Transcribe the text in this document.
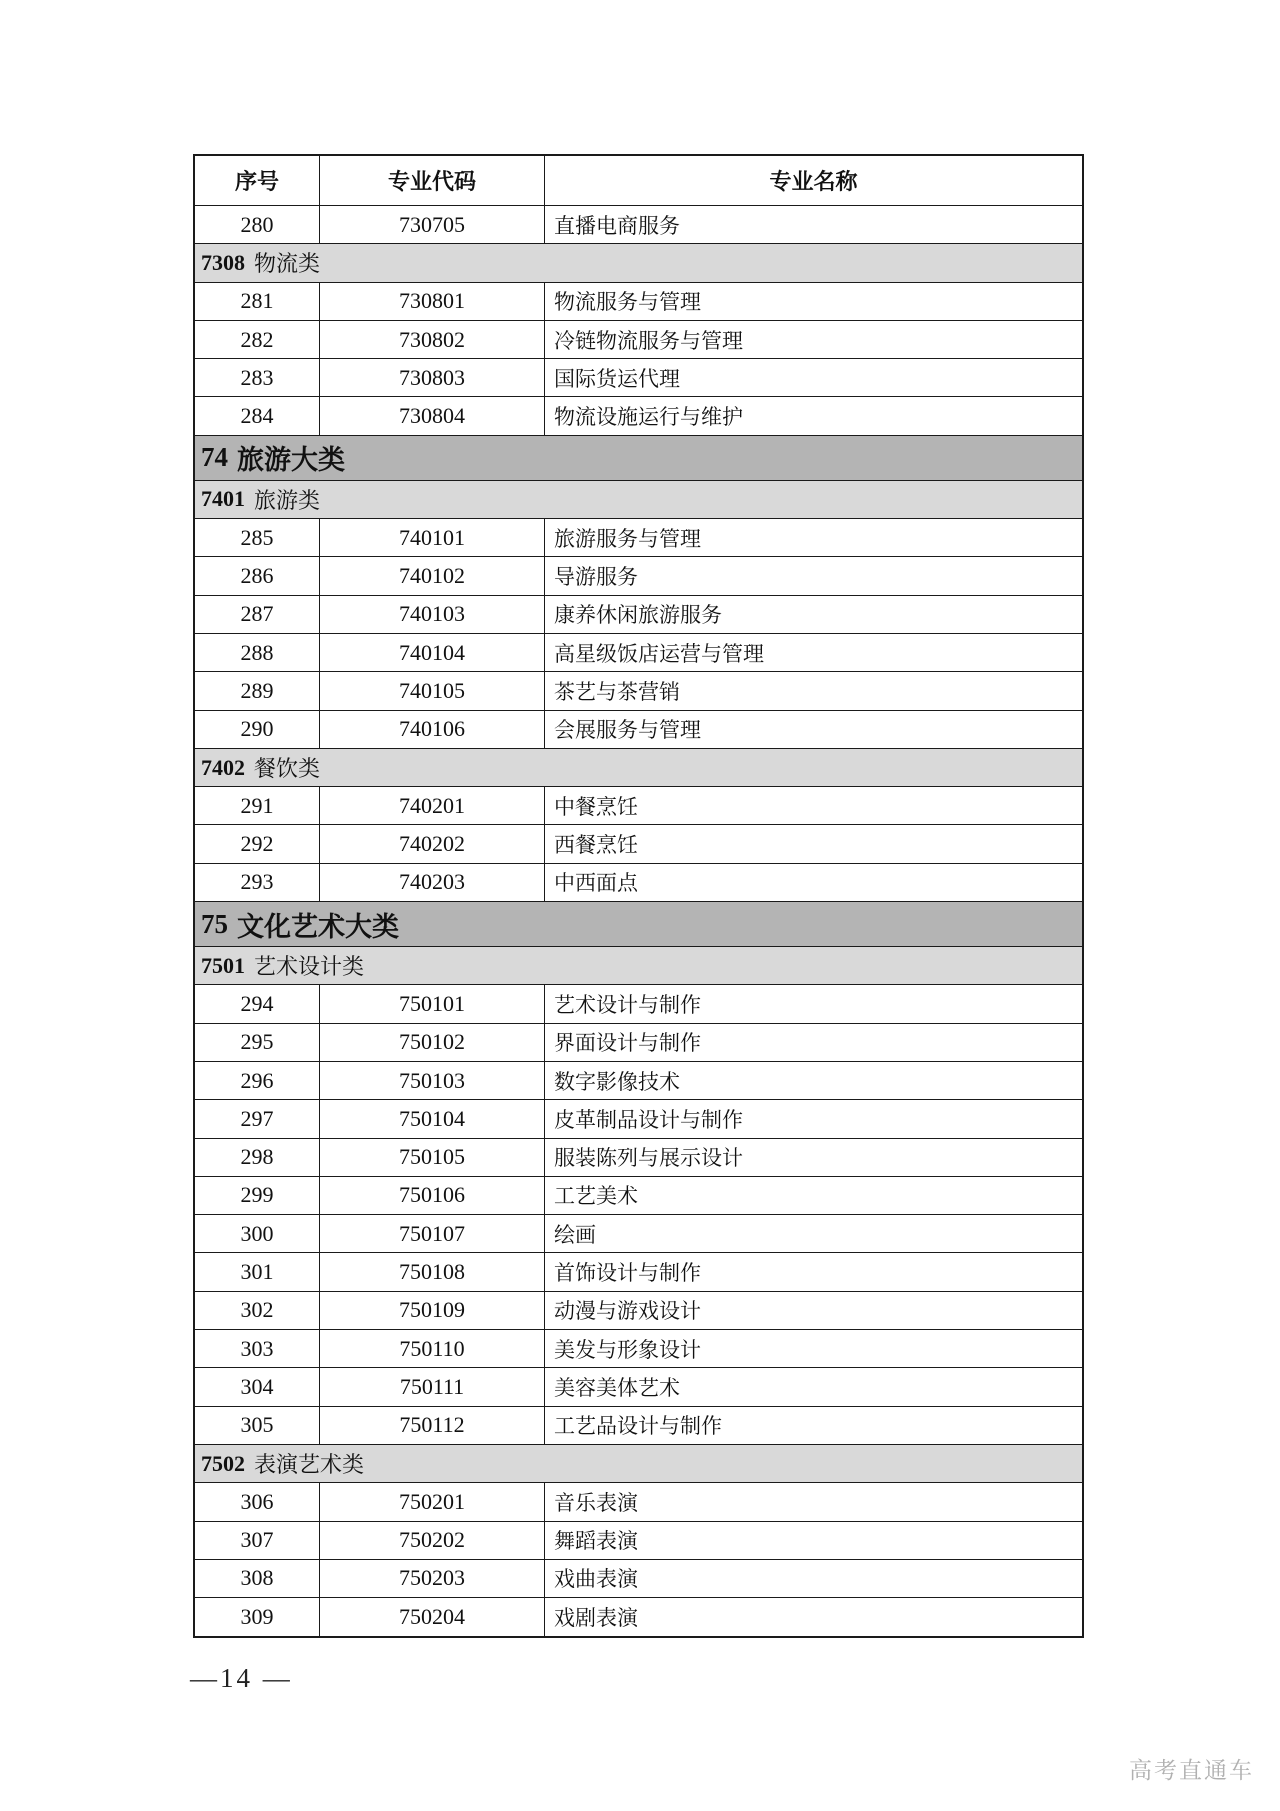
序号	专业代码	专业名称
280	730705	直播电商服务
7308 物流类
281	730801	物流服务与管理
282	730802	冷链物流服务与管理
283	730803	国际货运代理
284	730804	物流设施运行与维护
74 旅游大类
7401 旅游类
285	740101	旅游服务与管理
286	740102	导游服务
287	740103	康养休闲旅游服务
288	740104	高星级饭店运营与管理
289	740105	茶艺与茶营销
290	740106	会展服务与管理
7402 餐饮类
291	740201	中餐烹饪
292	740202	西餐烹饪
293	740203	中西面点
75 文化艺术大类
7501 艺术设计类
294	750101	艺术设计与制作
295	750102	界面设计与制作
296	750103	数字影像技术
297	750104	皮革制品设计与制作
298	750105	服装陈列与展示设计
299	750106	工艺美术
300	750107	绘画
301	750108	首饰设计与制作
302	750109	动漫与游戏设计
303	750110	美发与形象设计
304	750111	美容美体艺术
305	750112	工艺品设计与制作
7502 表演艺术类
306	750201	音乐表演
307	750202	舞蹈表演
308	750203	戏曲表演
309	750204	戏剧表演
—14 —
高考直通车
